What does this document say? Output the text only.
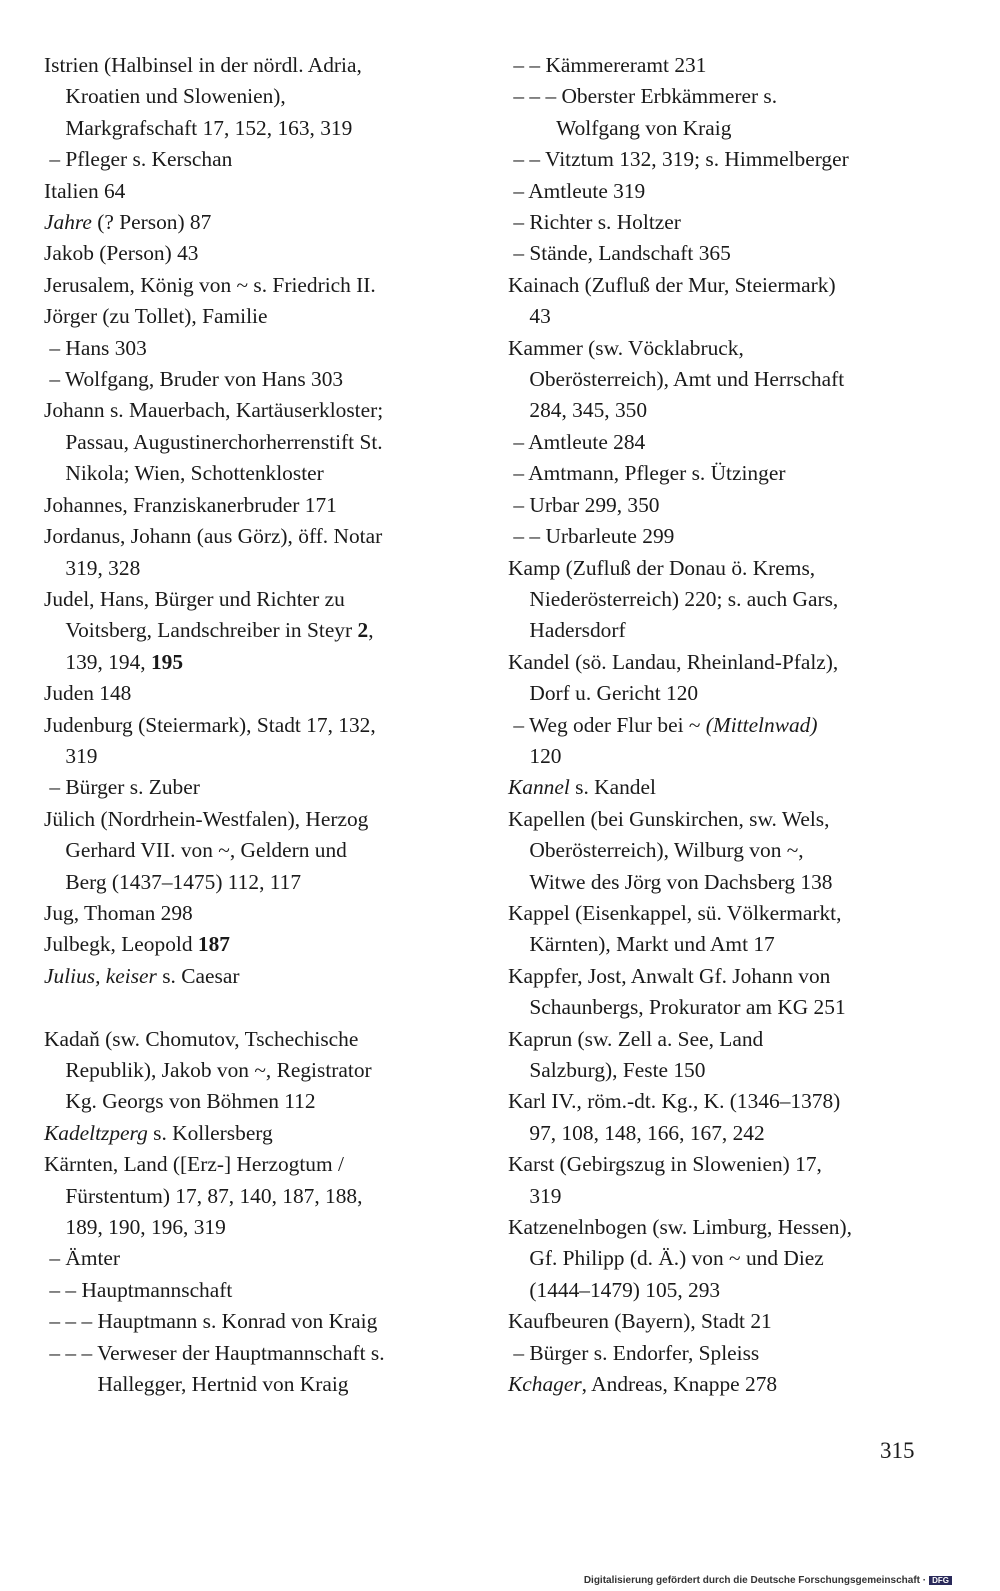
Istrien (Halbinsel in der nördl. Adria,

Kroatien und Slowenien),

Markgrafschaft 17, 152, 163, 319

– Pfleger s. Kerschan

Italien 64

Jahre (? Person) 87

Jakob (Person) 43

Jerusalem, König von ~ s. Friedrich II.

Jörger (zu Tollet), Familie

– Hans 303

– Wolfgang, Bruder von Hans 303

Johann s. Mauerbach, Kartäuserkloster;

Passau, Augustinerchorherrenstift St.

Nikola; Wien, Schottenkloster

Johannes, Franziskanerbruder 171

Jordanus, Johann (aus Görz), öff. Notar

319, 328

Judel, Hans, Bürger und Richter zu

Voitsberg, Landschreiber in Steyr 2,

139, 194, 195

Juden 148

Judenburg (Steiermark), Stadt 17, 132,

319

– Bürger s. Zuber

Jülich (Nordrhein-Westfalen), Herzog

Gerhard VII. von ~, Geldern und

Berg (1437–1475) 112, 117

Jug, Thoman 298

Julbegk, Leopold 187

Julius, keiser s. Caesar

Kadaň (sw. Chomutov, Tschechische

Republik), Jakob von ~, Registrator

Kg. Georgs von Böhmen 112

Kadeltzperg s. Kollersberg

Kärnten, Land ([Erz-] Herzogtum /

Fürstentum) 17, 87, 140, 187, 188,

189, 190, 196, 319

– Ämter

– – Hauptmannschaft

– – – Hauptmann s. Konrad von Kraig

– – – Verweser der Hauptmannschaft s.

Hallegger, Hertnid von Kraig

– – Kämmereramt 231

– – – Oberster Erbkämmerer s.

Wolfgang von Kraig

– – Vitztum 132, 319; s. Himmelberger

– Amtleute 319

– Richter s. Holtzer

– Stände, Landschaft 365

Kainach (Zufluß der Mur, Steiermark)

43

Kammer (sw. Vöcklabruck,

Oberösterreich), Amt und Herrschaft

284, 345, 350

– Amtleute 284

– Amtmann, Pfleger s. Ützinger

– Urbar 299, 350

– – Urbarleute 299

Kamp (Zufluß der Donau ö. Krems,

Niederösterreich) 220; s. auch Gars,

Hadersdorf

Kandel (sö. Landau, Rheinland-Pfalz),

Dorf u. Gericht 120

– Weg oder Flur bei ~ (Mittelnwad)

120

Kannel s. Kandel

Kapellen (bei Gunskirchen, sw. Wels,

Oberösterreich), Wilburg von ~,

Witwe des Jörg von Dachsberg 138

Kappel (Eisenkappel, sü. Völkermarkt,

Kärnten), Markt und Amt 17

Kappfer, Jost, Anwalt Gf. Johann von

Schaunbergs, Prokurator am KG 251

Kaprun (sw. Zell a. See, Land

Salzburg), Feste 150

Karl IV., röm.-dt. Kg., K. (1346–1378)

97, 108, 148, 166, 167, 242

Karst (Gebirgszug in Slowenien) 17,

319

Katzenelnbogen (sw. Limburg, Hessen),

Gf. Philipp (d. Ä.) von ~ und Diez

(1444–1479) 105, 293

Kaufbeuren (Bayern), Stadt 21

– Bürger s. Endorfer, Spleiss

Kchager, Andreas, Knappe 278

315
Digitalisierung gefördert durch die Deutsche Forschungsgemeinschaft · DFG
